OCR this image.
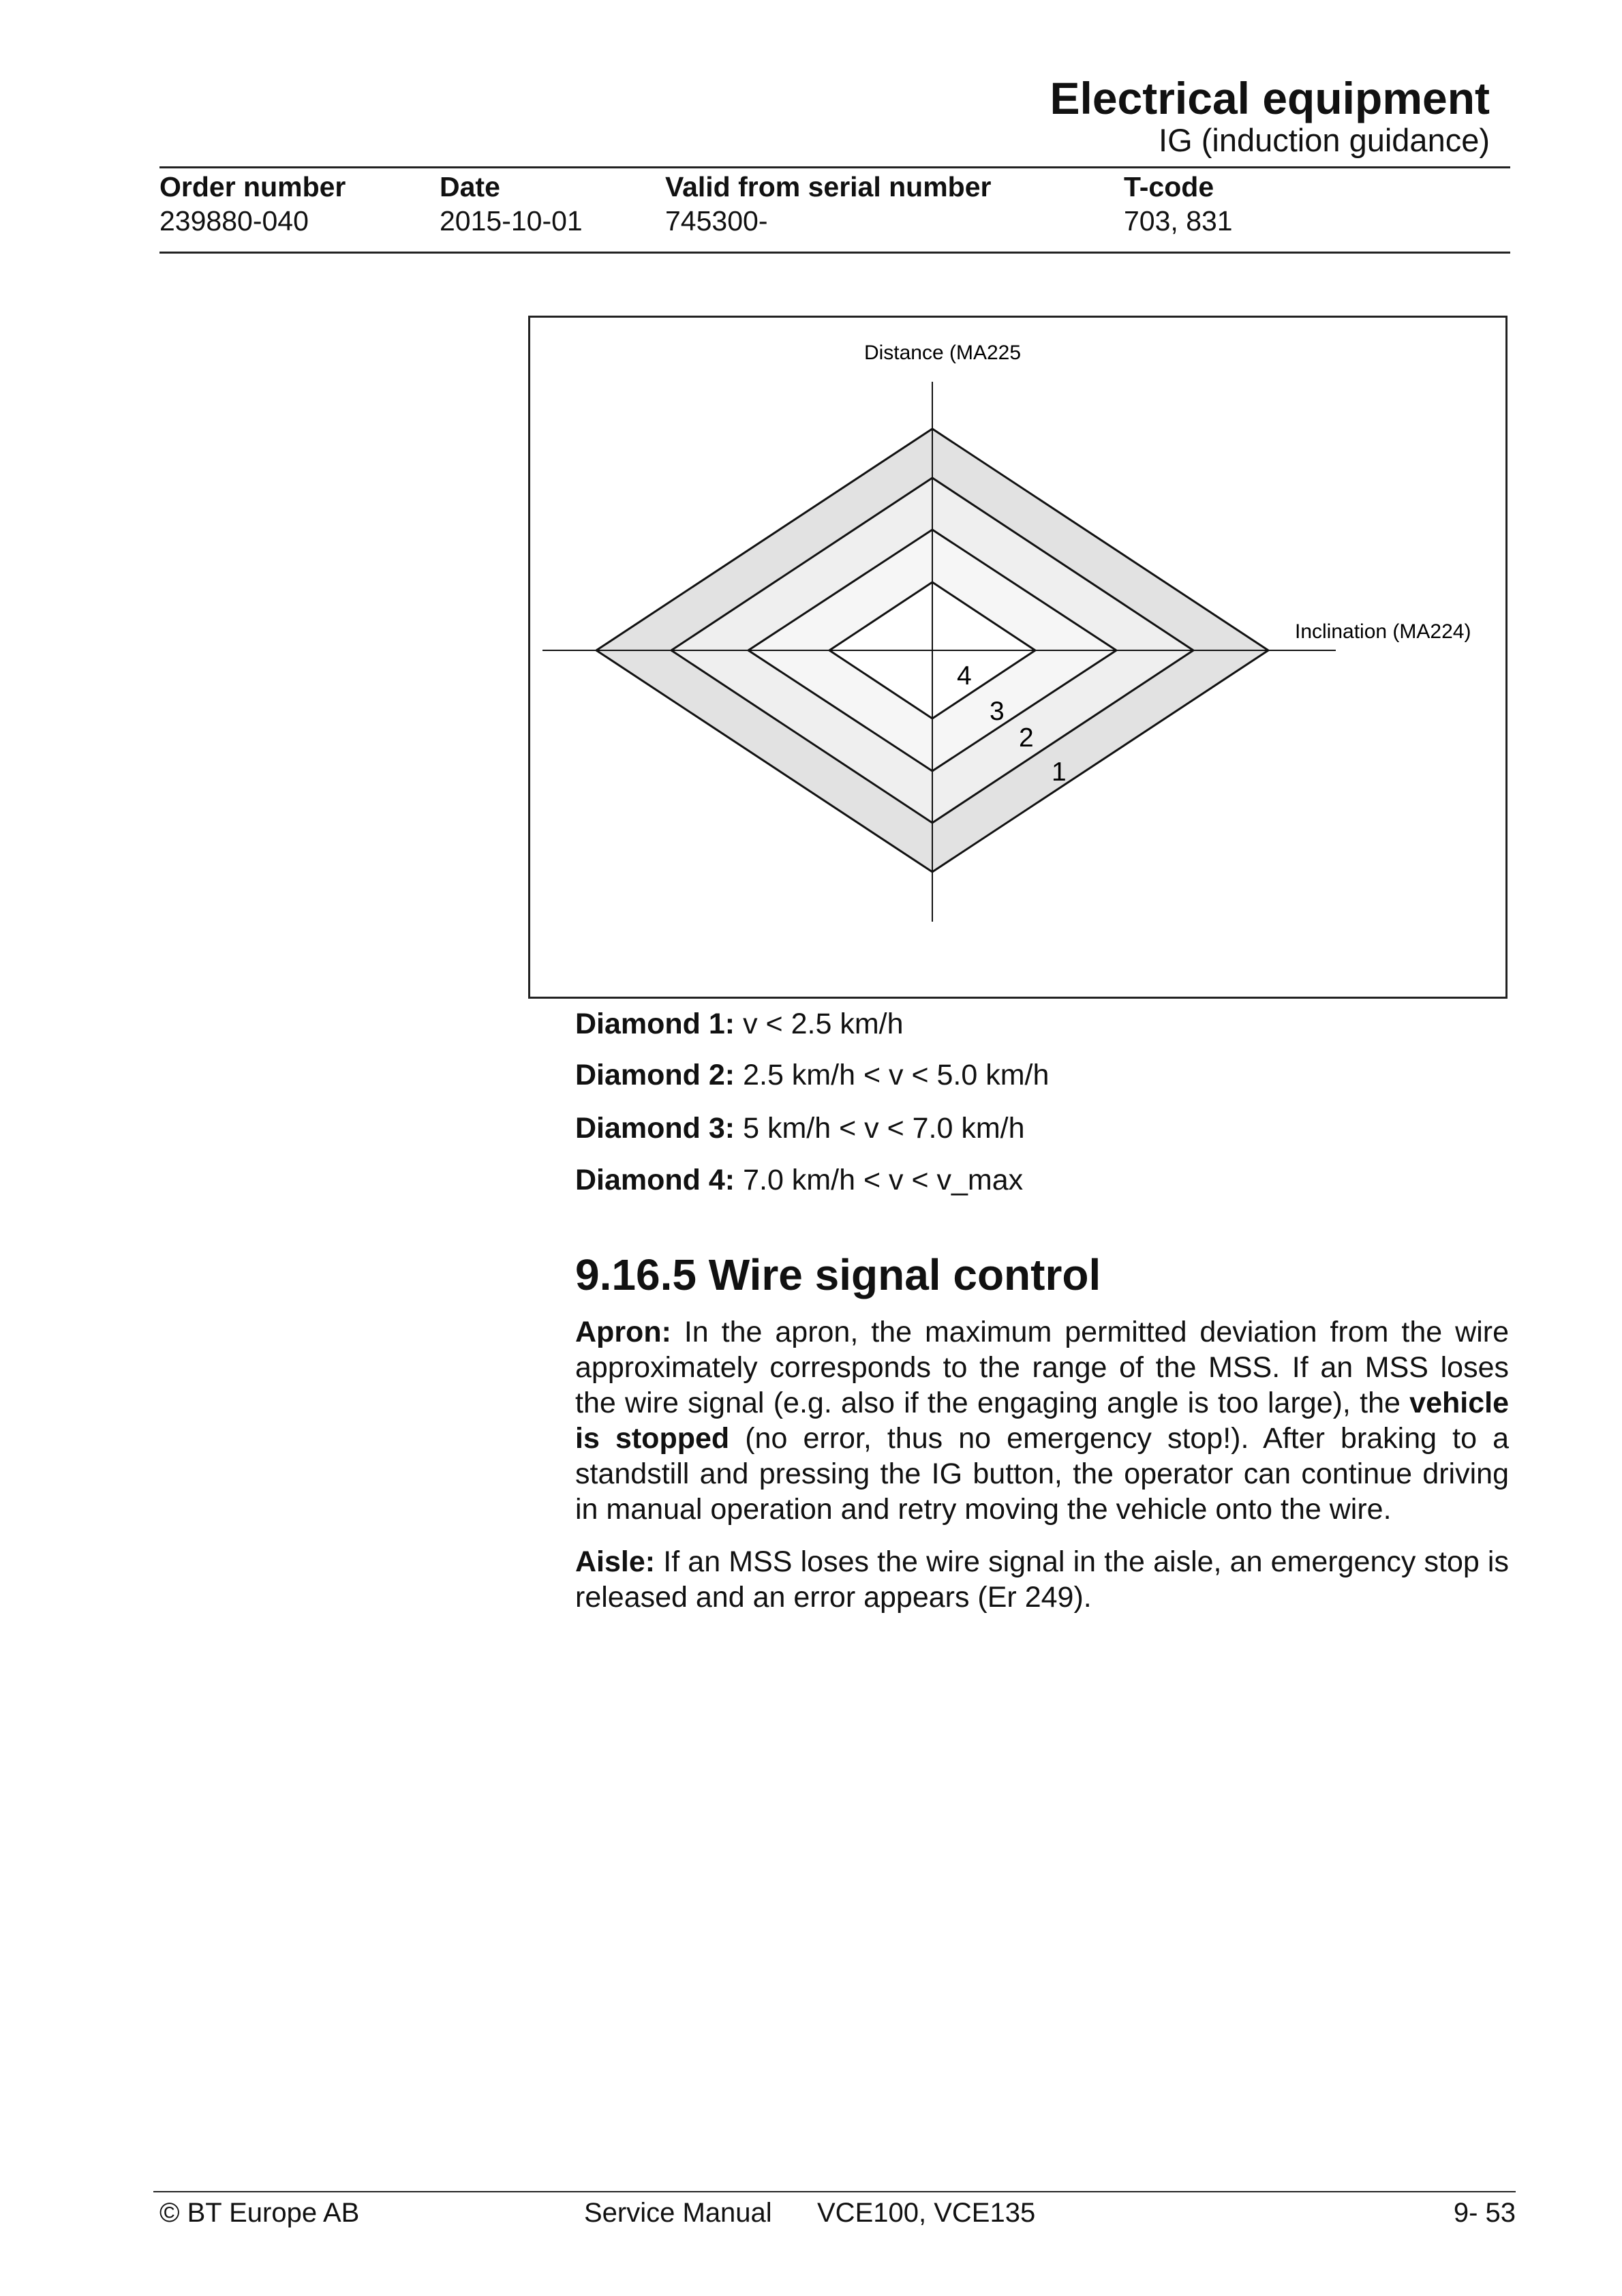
Electrical equipment
IG (induction guidance)
Order number	Date	Valid from serial number	T-code
239880-040	2015-10-01	745300-	703, 831
Distance (MA225
Inclination (MA224)
4
3
2
1
Diamond 1: v < 2.5 km/h
Diamond 2: 2.5 km/h < v < 5.0 km/h
Diamond 3: 5 km/h < v < 7.0 km/h
Diamond 4: 7.0 km/h < v < v_max
9.16.5 Wire signal control
Apron: In the apron, the maximum permitted deviation from the wire approximately corresponds to the range of the MSS. If an MSS loses the wire signal (e.g. also if the engaging angle is too large), the vehicle is stopped (no error, thus no emergency stop!). After braking to a standstill and pressing the IG button, the operator can continue driving in manual operation and retry moving the vehicle onto the wire.
Aisle: If an MSS loses the wire signal in the aisle, an emergency stop is released and an error appears (Er 249).
© BT Europe AB	Service Manual VCE100, VCE135	9- 53
